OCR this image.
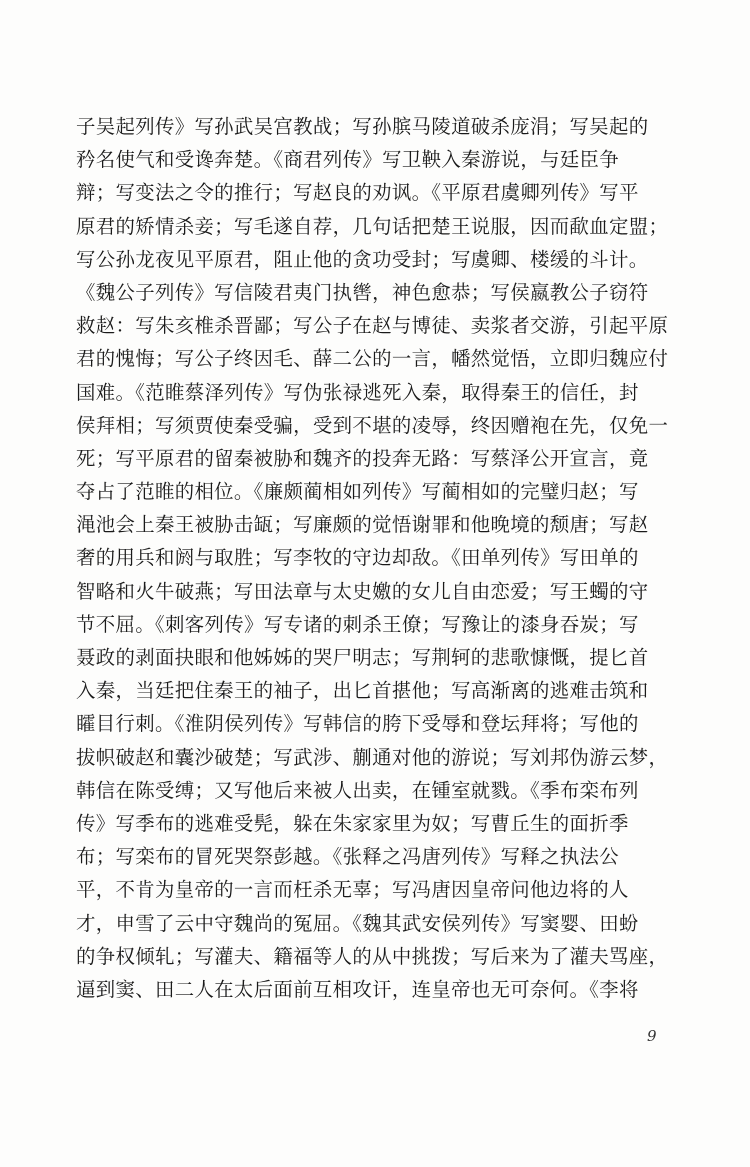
子吴起列传》写孙武吴宫教战；写孙膑马陵道破杀庞涓；写吴起的
矜名使气和受谗奔楚。《商君列传》写卫鞅入秦游说，与廷臣争
辩；写变法之令的推行；写赵良的劝讽。《平原君虞卿列传》写平
原君的矫情杀妾；写毛遂自荐，几句话把楚王说服，因而歃血定盟；
写公孙龙夜见平原君，阻止他的贪功受封；写虞卿、楼缓的斗计。
《魏公子列传》写信陵君夷门执辔，神色愈恭；写侯嬴教公子窃符
救赵：写朱亥椎杀晋鄙；写公子在赵与博徒、卖浆者交游，引起平原
君的愧悔；写公子终因毛、薛二公的一言，幡然觉悟，立即归魏应付
国难。《范睢蔡泽列传》写伪张禄逃死入秦，取得秦王的信任，封
侯拜相；写须贾使秦受骗，受到不堪的凌辱，终因赠袍在先，仅免一
死；写平原君的留秦被胁和魏齐的投奔无路：写蔡泽公开宣言，竟
夺占了范睢的相位。《廉颇蔺相如列传》写蔺相如的完璧归赵；写
渑池会上秦王被胁击缻；写廉颇的觉悟谢罪和他晚境的颓唐；写赵
奢的用兵和阏与取胜；写李牧的守边却敌。《田单列传》写田单的
智略和火牛破燕；写田法章与太史嬓的女儿自由恋爱；写王蠋的守
节不屈。《刺客列传》写专诸的刺杀王僚；写豫让的漆身吞炭；写
聂政的剥面抉眼和他姊姊的哭尸明志；写荆轲的悲歌慷慨，提匕首
入秦，当廷把住秦王的袖子，出匕首揕他；写高渐离的逃难击筑和
矐目行刺。《淮阴侯列传》写韩信的胯下受辱和登坛拜将；写他的
拔帜破赵和囊沙破楚；写武涉、蒯通对他的游说；写刘邦伪游云梦，
韩信在陈受缚；又写他后来被人出卖，在锺室就戮。《季布栾布列
传》写季布的逃难受髡，躲在朱家家里为奴；写曹丘生的面折季
布；写栾布的冒死哭祭彭越。《张释之冯唐列传》写释之执法公
平，不肯为皇帝的一言而枉杀无辜；写冯唐因皇帝问他边将的人
才，申雪了云中守魏尚的冤屈。《魏其武安侯列传》写窦婴、田蚡
的争权倾轧；写灌夫、籍福等人的从中挑拨；写后来为了灌夫骂座，
逼到窦、田二人在太后面前互相攻讦，连皇帝也无可奈何。《李将
9
